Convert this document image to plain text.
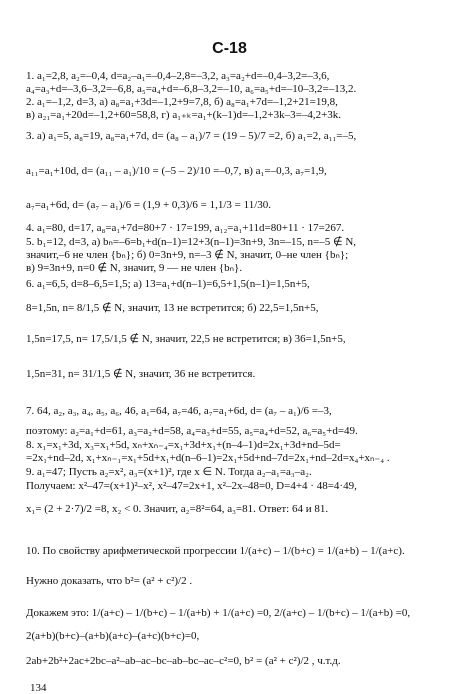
С-18
1. a₁=2,8, a₂=–0,4, d=a₂–a₁=–0,4–2,8=–3,2, a₃=a₂+d=–0,4–3,2=–3,6,
a₄=a₃+d=–3,6–3,2=–6,8, a₅=a₄+d=–6,8–3,2=–10, a₆=a₅+d=–10–3,2=–13,2.
2. a₁=–1,2, d=3, а) a₈=a₁+3d=–1,2+9=7,8, б) a₈=a₁+7d=–1,2+21=19,8,
в) a₂₁=a₁+20d=–1,2+60=58,8, г) a₁₊ₖ=a₁+(k–1)d=–1,2+3k–3=–4,2+3k.
3. а) a₁=5, a₈=19, a₈=a₁+7d, d= (a₈ – a₁)/7 = (19 – 5)/7 =2, б) a₁=2, a₁₁=–5,
a₁₁=a₁+10d, d= (a₁₁ – a₁)/10 = (–5 – 2)/10 =–0,7, в) a₁=–0,3, a₇=1,9,
a₇=a₁+6d, d= (a₇ – a₁)/6 = (1,9 + 0,3)/6 = 1,1/3 = 11/30.
4. a₁=80, d=17, a₈=a₁+7d=80+7 · 17=199, a₁₂=a₁+11d=80+11 · 17=267.
5. b₁=12, d=3, а) bₙ=–6=b₁+d(n–1)=12+3(n–1)=3n+9, 3n=–15, n=–5 ∉ N,
значит,–6 не член {bₙ}; б) 0=3n+9, n=–3 ∉ N, значит, 0–не член {bₙ};
в) 9=3n+9, n=0 ∉ N, значит, 9 — не член {bₙ}.
6. a₁=6,5, d=8–6,5=1,5; а) 13=a₁+d(n–1)=6,5+1,5(n–1)=1,5n+5,
8=1,5n, n= 8/1,5 ∉ N, значит, 13 не встретится; б) 22,5=1,5n+5,
1,5n=17,5, n= 17,5/1,5 ∉ N, значит, 22,5 не встретится; в) 36=1,5n+5,
1,5n=31, n= 31/1,5 ∉ N, значит, 36 не встретится.
7. 64, a₂, a₃, a₄, a₅, a₆, 46, a₁=64, a₇=46, a₇=a₁+6d, d= (a₇ – a₁)/6 =–3,
поэтому: a₂=a₁+d=61, a₃=a₂+d=58, a₄=a₃+d=55, a₅=a₄+d=52, a₆=a₅+d=49.
8. x₁=x₁+3d, x₃=x₁+5d, xₙ+xₙ₋₄=x₁+3d+x₁+(n–4–1)d=2x₁+3d+nd–5d=
=2x₁+nd–2d, x₁+xₙ₋₁=x₁+5d+x₁+d(n–6–1)=2x₁+5d+nd–7d=2x₁+nd–2d=x₄+xₙ₋₄ .
9. a₁=47; Пусть a₂=x², a₃=(x+1)², где x ∈ N. Тогда a₂–a₁=a₃–a₂.
Получаем: x²–47=(x+1)²–x², x²–47=2x+1, x²–2x–48=0, D=4+4 · 48=4·49,
x₁= (2 + 2·7)/2 =8, x₂ < 0. Значит, a₂=8²=64, a₃=81. Ответ: 64 и 81.
10. По свойству арифметической прогрессии 1/(a+c) – 1/(b+c) = 1/(a+b) – 1/(a+c).
Нужно доказать, что b²= (a² + c²)/2 .
Докажем это: 1/(a+c) – 1/(b+c) – 1/(a+b) + 1/(a+c) =0, 2/(a+c) – 1/(b+c) – 1/(a+b) =0,
2(a+b)(b+c)–(a+b)(a+c)–(a+c)(b+c)=0,
2ab+2b²+2ac+2bc–a²–ab–ac–bc–ab–bc–ac–c²=0, b² = (a² + c²)/2 , ч.т.д.
134
